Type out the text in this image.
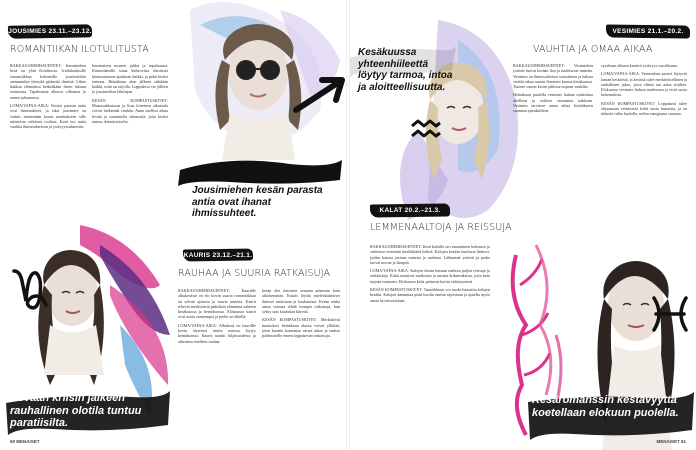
JOUSIMIES 23.11.–23.12.
ROMANTIIKAN ILOTULITUSTA

RAKKAUS/IHMISSUHTEET: Jousimiehen kesä on yhtä ilotulitusta. Ivailuhaluisille romantiikkaa kokeneille jousimiehiin aiemminkin yhteyttä pitäneitä ihmisiä. Lähes hukkaa elämäässä hetkeäkään lisein lukuun etoimaata. Tapahtumat alkavat vilkastua jo ennen juhannusta.

LOMA/VAPAA-AIKA: Kesäsi parasta antia ovat ihmissuhteet, ja siksi jousimies on valmis menemään kauas nauttiakseen sille tuleneista virkeistä tuulista. Kesä tuo uutta vauhtia ihmissuhteisiin ja ystävyyssuhteisiin.

harvinaisen moneet juhlat ja tapahtumat. Kiinnittämillä sinua kiehtovista ihmisistä kiinnostuneen ajatuksen kaikki, ja pidät kesäsi rentona. Heinäkuun alun jälkeen nähdään kaikki, mitä on tarjolla. Loppukesä vie jälleen jo jousimiehen lähtöajan.

KESÄN KOMPASTUSKIVET: Mustasukkaisuus ja liian kiireinen aikataulu voivat heikentää vauhtia. Anna itsellesi aikaa levätä ja suunnitella tekemisiä, jotta kesäsi tuntuu ikimuistoiselta.

Jousimiehen kesän parasta antia ovat ihanat ihmissuhteet.
KAURIS 23.12.–21.1.
RAUHAA JA SUURIA RATKAISUJA

RAKKAUS/IHMISSUHTEET: Kauriille alkukesästä on elo kovin suurta romantiikkaa tai selvää ajatusta ja suuria tunteita. Kaurit tekevät merkittäviä päätöksiä elämänsä suhteen kesäkuussa ja heinäkuussa. Elokuussa kaurit ovat usein varmempia ja perhe on lähellä.

LOMA/VAPAA-AIKA: Alkukesä on kaurillle kovin täyteistä, mutta rentous löytyy heinäkuussa. Kauris nauttii hiljaisuudesta ja aiheuttaa itselleen rauhaa.

kesän olet ihmisten seuraan aiemmin kuin aikaisemmin. Kauris löytää mielenkiintoiset ihmiset tutuistaan ja kaukaisista. Kesän rauha antaa voimaa tehdä isompia ratkaisuja, kun syksy taas kuuluttaa kiireitä.

KESÄN KOMPASTUSKIVET: Merkittävät muutokset heinäkuun alussa voivat yllättää, joten kauriin kannattaa varata aikaa ja rauhaa pohtimiselle ennen loppukesän ratkaisuja.

Kevään kriisin jälkeen rauhallinen olotila tuntuu paratiisilta.
60 MENAISET
Kesäkuussa yhteenhiileettä löytyy tarmoa, intoa ja aloitteellisuutta.
VESIMIES 21.1.–20.2.
VAUHTIA JA OMAA AIKAA

RAKKAUS/IHMISSUHTEET: Vesimiehen ystävät tuovat kesään iloa ja tuulettavat tunteita. Vesimies on ihmissuhteissa sosiaalinen ja haluaa viettää aikaa uusien ihmisten kanssa kesäkuussa. Tunteet saavat kesän juhlissa nopean vauhdin.

Heinäkuun puolella vesimies haluaa rauhoittua aloilleen ja valitsee seuraansa tarkkaan. Vesimies tarvitsee omaa aikaa löytääkseen suunnan ajatuksilleen.

syyskuun alkuun kestävä ystävyys saa alkunsa.

LOMA/VAPAA-AIKA: Vesimiehen aarteet löytyvät loman keskiöstä, ja kesästä tulee merkityksellinen ja rauhallinen jakso, jossa elämä saa uutta sisältöä. Elokuussa vesimies haluaa matkustaa ja etsiä uusia kokemuksia.

KESÄN KOMPASTUSKIVET: Loppukesä tulee ohjaamaan vesimiestä kohti uusia haasteita, ja on tärkeää valita huolella, mihin energiansa suuntaa.

KALAT 20.2.–21.3.
LEMMENAALTOJA JA REISSUJA

RAKKAUS/IHMISSUHTEET: Kesä kaloille on romanttinen kokemus ja suhteissa vietetään mielekkäitä hetkiä. Kalojen kesään kuuluvat ihmiset, joiden kanssa jaetaan tunteita ja unelmia. Lähimmät ystävät ja perhe tuovat turvaa ja lämpöä.

LOMA/VAPAA-AIKA: Kalojen kesän lomaan mahtuu paljon reissuja ja seikkailuja. Kalat nauttivat matkoista ja uusista kokemuksista, joita kesä tarjoaa runsaasti. Elokuussa kalat palaavat kotiin virkistyneinä.

KESÄN KOMPASTUSKIVET: Tunteikkuus voi tuoda haasteita kalojen kesään. Kalojen kannattaa pitää huolta omista rajoistaan ja ajatella myös omaa hyvinvointiaan.

Kesäromanssin kestävyyttä koetellaan elokuun puolella.
MENAISET 61
